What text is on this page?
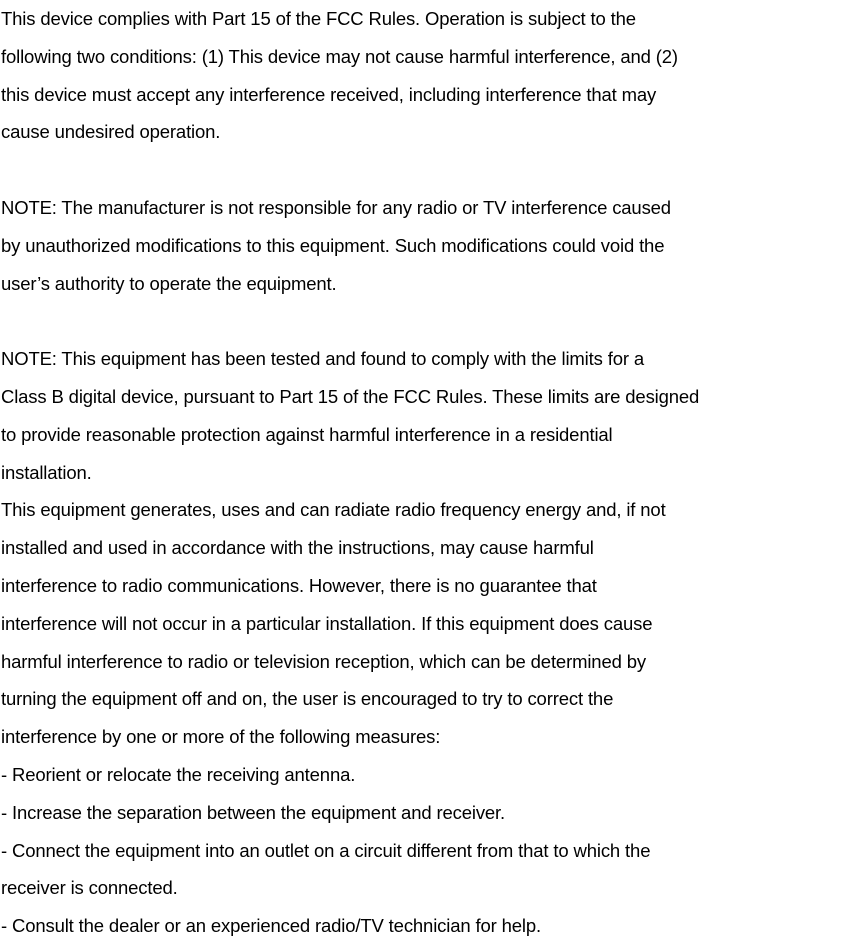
This device complies with Part 15 of the FCC Rules. Operation is subject to the
following two conditions: (1) This device may not cause harmful interference, and (2)
this device must accept any interference received, including interference that may
cause undesired operation.
NOTE: The manufacturer is not responsible for any radio or TV interference caused
by unauthorized modifications to this equipment. Such modifications could void the
user’s authority to operate the equipment.
NOTE: This equipment has been tested and found to comply with the limits for a
Class B digital device, pursuant to Part 15 of the FCC Rules. These limits are designed
to provide reasonable protection against harmful interference in a residential
installation.
This equipment generates, uses and can radiate radio frequency energy and, if not
installed and used in accordance with the instructions, may cause harmful
interference to radio communications. However, there is no guarantee that
interference will not occur in a particular installation. If this equipment does cause
harmful interference to radio or television reception, which can be determined by
turning the equipment off and on, the user is encouraged to try to correct the
interference by one or more of the following measures:
- Reorient or relocate the receiving antenna.
- Increase the separation between the equipment and receiver.
- Connect the equipment into an outlet on a circuit different from that to which the
receiver is connected.
- Consult the dealer or an experienced radio/TV technician for help.
